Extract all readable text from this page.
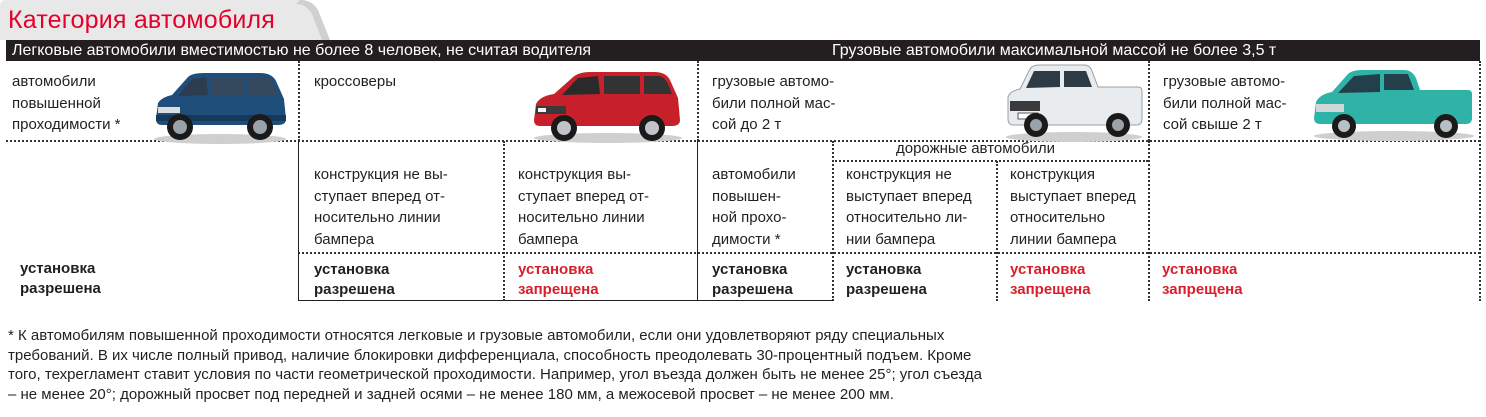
Категория автомобиля
Легковые автомобили вместимостью не более 8 человек, не считая водителя	Грузовые автомобили максимальной массой не более 3,5 т
автомобили
повышенной
проходимости *
кроссоверы	грузовые автомо-
били полной мас-
сой до 2 т
грузовые автомо-
били полной мас-
сой свыше 2 т
дорожные автомобили
конструкция не вы-
ступает вперед от-
носительно линии
бампера
конструкция вы-
ступает вперед от-
носительно линии
бампера
автомобили
повышен-
ной прохо-
димости *
конструкция не
выступает вперед
относительно ли-
нии бампера
конструкция
выступает вперед
относительно
линии бампера
установка
разрешена
установка
разрешена
установка
запрещена
установка
разрешена
установка
разрешена
установка
запрещена
установка
запрещена
* К автомобилям повышенной проходимости относятся легковые и грузовые автомобили, если они удовлетворяют ряду специальных
требований. В их числе полный привод, наличие блокировки дифференциала, способность преодолевать 30-процентный подъем. Кроме
того, техрегламент ставит условия по части геометрической проходимости. Например, угол въезда должен быть не менее 25°; угол съезда
– не менее 20°; дорожный просвет под передней и задней осями – не менее 180 мм, а межосевой просвет – не менее 200 мм.
